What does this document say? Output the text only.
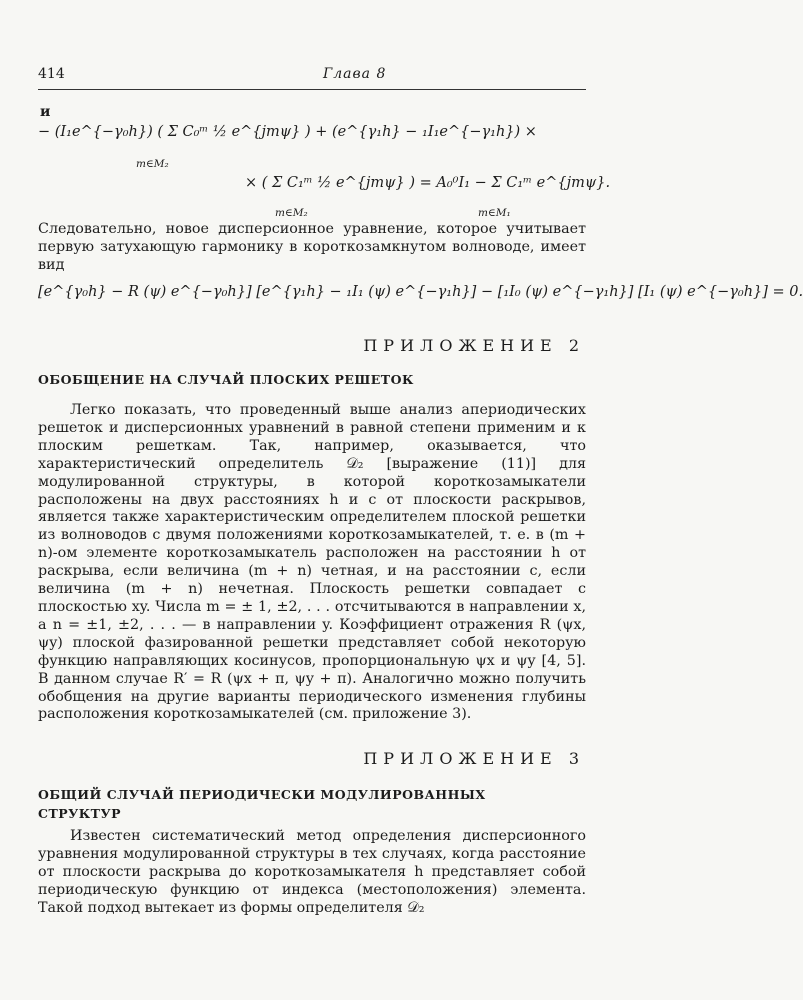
414	Глава 8
и
− (I₁e^{−γ₀h}) ( Σ C₀ᵐ ½ e^{jmψ} ) + (e^{γ₁h} − ₁I₁e^{−γ₁h}) ×
m∈M₂
× ( Σ C₁ᵐ ½ e^{jmψ} ) = A₀⁰I₁ − Σ C₁ᵐ e^{jmψ}.
m∈M₂	m∈M₁
Следовательно, новое дисперсионное уравнение, которое учитывает первую затухающую гармонику в короткозамкнутом волноводе, имеет вид
[e^{γ₀h} − R (ψ) e^{−γ₀h}] [e^{γ₁h} − ₁I₁ (ψ) e^{−γ₁h}] − [₁I₀ (ψ) e^{−γ₁h}] [I₁ (ψ) e^{−γ₀h}] = 0.
ПРИЛОЖЕНИЕ 2
ОБОБЩЕНИЕ НА СЛУЧАЙ ПЛОСКИХ РЕШЕТОК
Легко показать, что проведенный выше анализ апериодических решеток и дисперсионных уравнений в равной степени применим и к плоским решеткам. Так, например, оказывается, что характеристический определитель 𝒟₂ [выражение (11)] для модулированной структуры, в которой короткозамыкатели расположены на двух расстояниях h и c от плоскости раскрывов, является также характеристическим определителем плоской решетки из волноводов с двумя положениями короткозамыкателей, т. е. в (m + n)-ом элементе короткозамыкатель расположен на расстоянии h от раскрыва, если величина (m + n) четная, и на расстоянии c, если величина (m + n) нечетная. Плоскость решетки совпадает с плоскостью xy. Числа m = ± 1, ±2, . . . отсчитываются в направлении x, а n = ±1, ±2, . . . — в направлении y. Коэффициент отражения R (ψx, ψy) плоской фазированной решетки представляет собой некоторую функцию направляющих косинусов, пропорциональную ψx и ψy [4, 5]. В данном случае R′ = R (ψx + π, ψy + π). Аналогично можно получить обобщения на другие варианты периодического изменения глубины расположения короткозамыкателей (см. приложение 3).
ПРИЛОЖЕНИЕ 3
ОБЩИЙ СЛУЧАЙ ПЕРИОДИЧЕСКИ МОДУЛИРОВАННЫХ СТРУКТУР
Известен систематический метод определения дисперсионного уравнения модулированной структуры в тех случаях, когда расстояние от плоскости раскрыва до короткозамыкателя h представляет собой периодическую функцию от индекса (местоположения) элемента. Такой подход вытекает из формы определителя 𝒟₂
